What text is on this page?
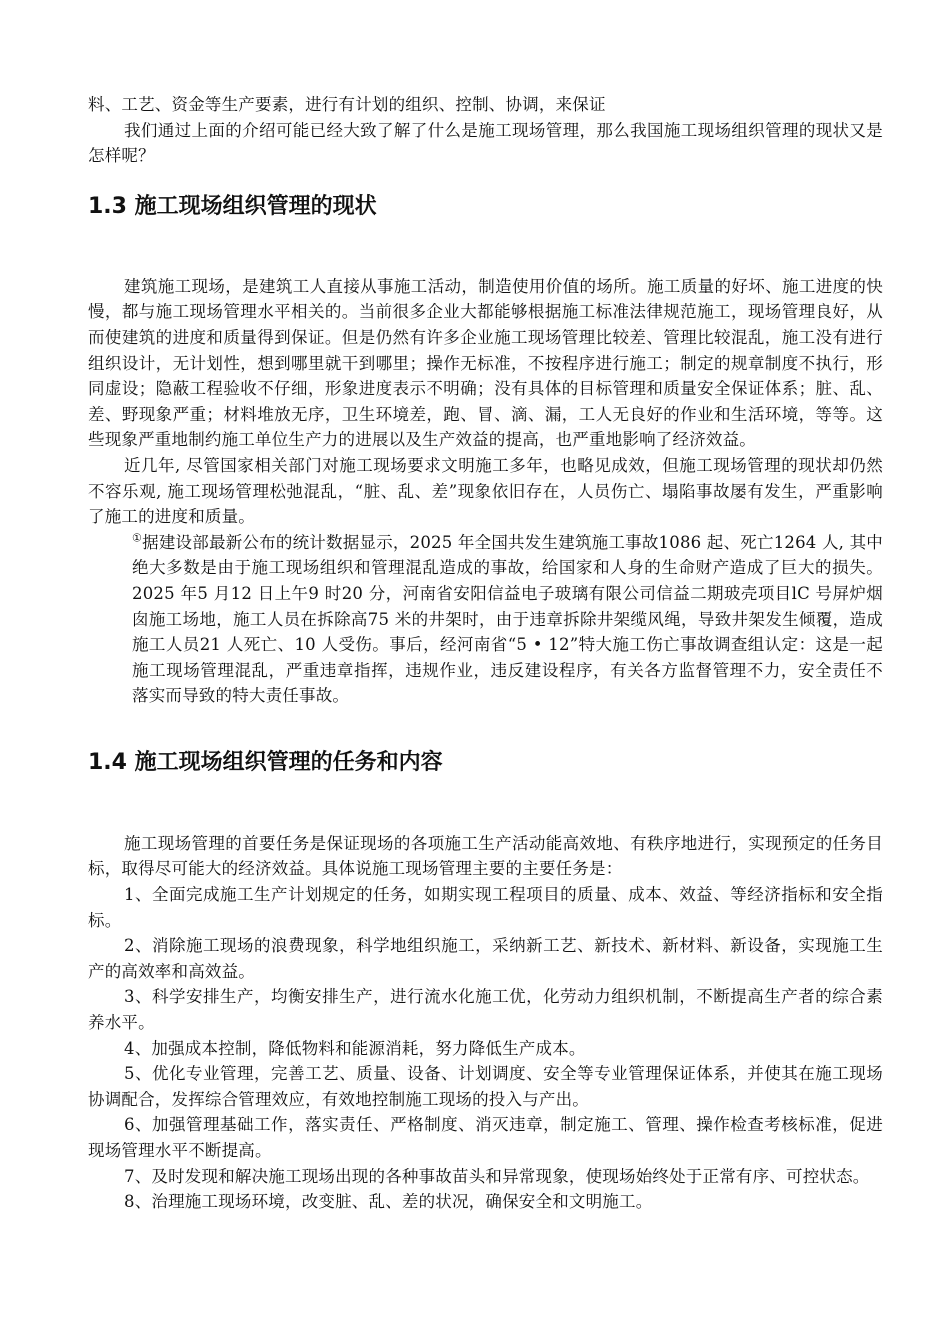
料、工艺、资金等生产要素，进行有计划的组织、控制、协调，来保证

我们通过上面的介绍可能已经大致了解了什么是施工现场管理，那么我国施工现场组织管理的现状又是怎样呢？

1.3 施工现场组织管理的现状

建筑施工现场，是建筑工人直接从事施工活动，制造使用价值的场所。施工质量的好坏、施工进度的快慢，都与施工现场管理水平相关的。当前很多企业大都能够根据施工标准法律规范施工，现场管理良好，从而使建筑的进度和质量得到保证。但是仍然有许多企业施工现场管理比较差、管理比较混乱，施工没有进行组织设计，无计划性，想到哪里就干到哪里；操作无标准，不按程序进行施工；制定的规章制度不执行，形同虚设；隐蔽工程验收不仔细，形象进度表示不明确；没有具体的目标管理和质量安全保证体系；脏、乱、差、野现象严重；材料堆放无序，卫生环境差，跑、冒、滴、漏，工人无良好的作业和生活环境，等等。这些现象严重地制约施工单位生产力的进展以及生产效益的提高，也严重地影响了经济效益。

近几年, 尽管国家相关部门对施工现场要求文明施工多年，也略见成效，但施工现场管理的现状却仍然不容乐观, 施工现场管理松弛混乱，“脏、乱、差”现象依旧存在，人员伤亡、塌陷事故屡有发生，严重影响了施工的进度和质量。

①据建设部最新公布的统计数据显示，2025 年全国共发生建筑施工事故1086 起、死亡1264 人, 其中绝大多数是由于施工现场组织和管理混乱造成的事故，给国家和人身的生命财产造成了巨大的损失。2025 年5 月12 日上午9 时20 分，河南省安阳信益电子玻璃有限公司信益二期玻壳项目lC 号屏炉烟囱施工场地，施工人员在拆除高75 米的井架时，由于违章拆除井架缆风绳，导致井架发生倾覆，造成施工人员21 人死亡、10 人受伤。事后，经河南省“5 • 12”特大施工伤亡事故调查组认定：这是一起施工现场管理混乱，严重违章指挥，违规作业，违反建设程序，有关各方监督管理不力，安全责任不落实而导致的特大责任事故。

1.4 施工现场组织管理的任务和内容

施工现场管理的首要任务是保证现场的各项施工生产活动能高效地、有秩序地进行，实现预定的任务目标，取得尽可能大的经济效益。具体说施工现场管理主要的主要任务是：

1、全面完成施工生产计划规定的任务，如期实现工程项目的质量、成本、效益、等经济指标和安全指标。

2、消除施工现场的浪费现象，科学地组织施工，采纳新工艺、新技术、新材料、新设备，实现施工生产的高效率和高效益。

3、科学安排生产，均衡安排生产，进行流水化施工优，化劳动力组织机制，不断提高生产者的综合素养水平。

4、加强成本控制，降低物料和能源消耗，努力降低生产成本。

5、优化专业管理，完善工艺、质量、设备、计划调度、安全等专业管理保证体系，并使其在施工现场协调配合，发挥综合管理效应，有效地控制施工现场的投入与产出。

6、加强管理基础工作，落实责任、严格制度、消灭违章，制定施工、管理、操作检查考核标准，促进现场管理水平不断提高。

7、及时发现和解决施工现场出现的各种事故苗头和异常现象，使现场始终处于正常有序、可控状态。

8、治理施工现场环境，改变脏、乱、差的状况，确保安全和文明施工。
